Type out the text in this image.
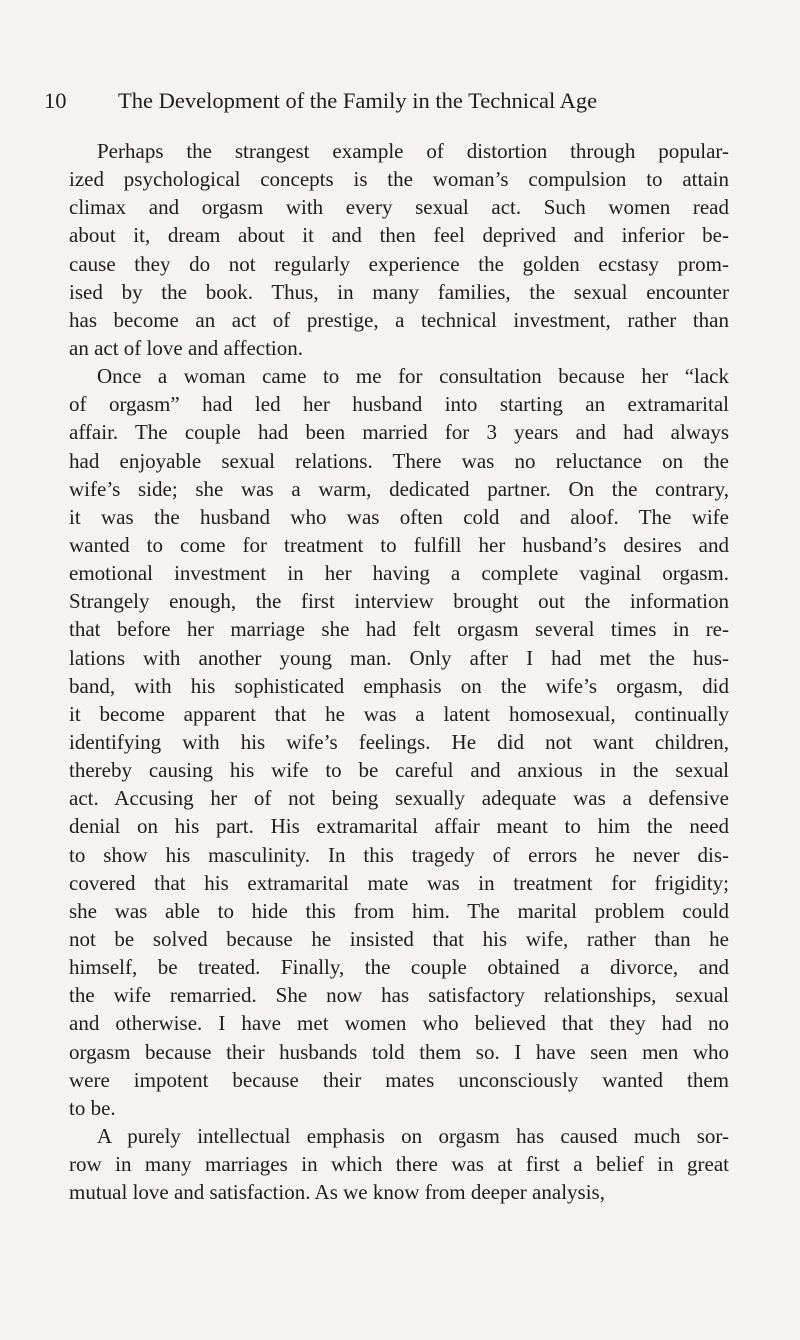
10 The Development of the Family in the Technical Age
Perhaps the strangest example of distortion through popular-
ized psychological concepts is the woman’s compulsion to attain
climax and orgasm with every sexual act. Such women read
about it, dream about it and then feel deprived and inferior be-
cause they do not regularly experience the golden ecstasy prom-
ised by the book. Thus, in many families, the sexual encounter
has become an act of prestige, a technical investment, rather than
an act of love and affection.
Once a woman came to me for consultation because her “lack
of orgasm” had led her husband into starting an extramarital
affair. The couple had been married for 3 years and had always
had enjoyable sexual relations. There was no reluctance on the
wife’s side; she was a warm, dedicated partner. On the contrary,
it was the husband who was often cold and aloof. The wife
wanted to come for treatment to fulfill her husband’s desires and
emotional investment in her having a complete vaginal orgasm.
Strangely enough, the first interview brought out the information
that before her marriage she had felt orgasm several times in re-
lations with another young man. Only after I had met the hus-
band, with his sophisticated emphasis on the wife’s orgasm, did
it become apparent that he was a latent homosexual, continually
identifying with his wife’s feelings. He did not want children,
thereby causing his wife to be careful and anxious in the sexual
act. Accusing her of not being sexually adequate was a defensive
denial on his part. His extramarital affair meant to him the need
to show his masculinity. In this tragedy of errors he never dis-
covered that his extramarital mate was in treatment for frigidity;
she was able to hide this from him. The marital problem could
not be solved because he insisted that his wife, rather than he
himself, be treated. Finally, the couple obtained a divorce, and
the wife remarried. She now has satisfactory relationships, sexual
and otherwise. I have met women who believed that they had no
orgasm because their husbands told them so. I have seen men who
were impotent because their mates unconsciously wanted them
to be.
A purely intellectual emphasis on orgasm has caused much sor-
row in many marriages in which there was at first a belief in great
mutual love and satisfaction. As we know from deeper analysis,
